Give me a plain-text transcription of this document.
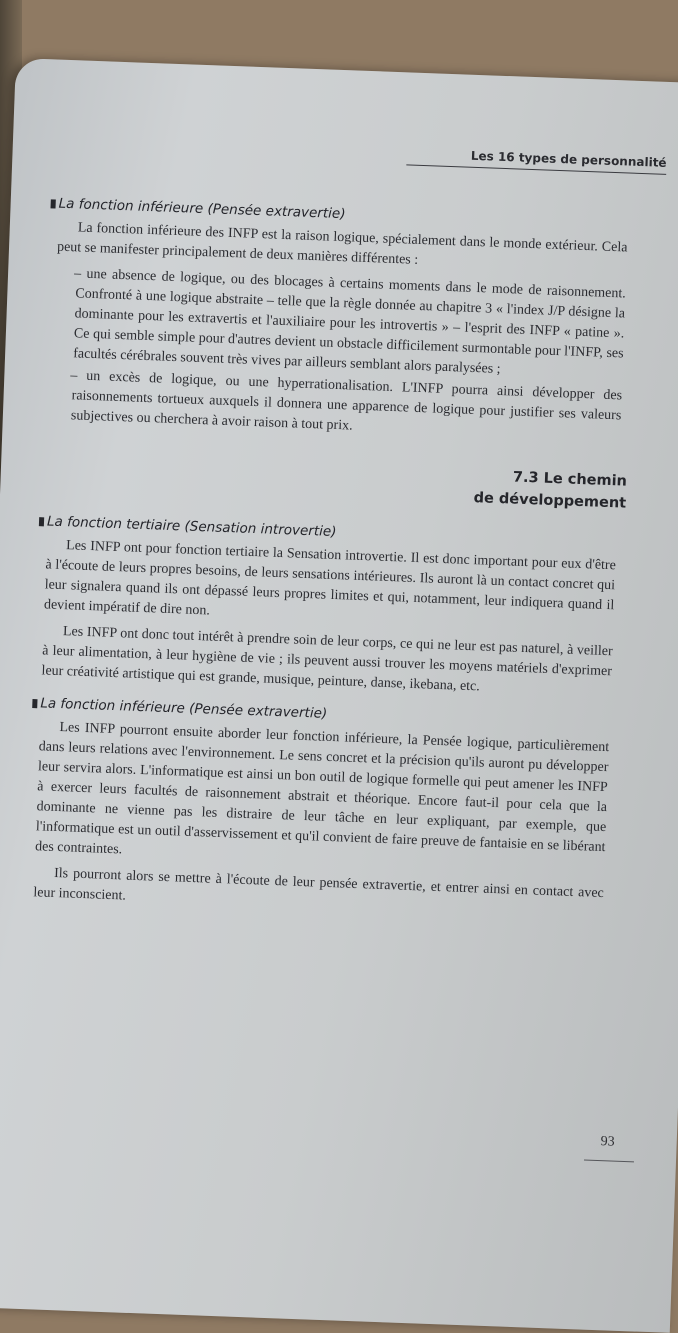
Les 16 types de personnalité
La fonction inférieure (Pensée extravertie)

La fonction inférieure des INFP est la raison logique, spécialement dans le monde extérieur. Cela peut se manifester principalement de deux manières différentes :

– une absence de logique, ou des blocages à certains moments dans le mode de raisonnement. Confronté à une logique abstraite – telle que la règle donnée au chapitre 3 « l'index J/P désigne la dominante pour les extravertis et l'auxiliaire pour les introvertis » – l'esprit des INFP « patine ». Ce qui semble simple pour d'autres devient un obstacle difficilement surmontable pour l'INFP, ses facultés cérébrales souvent très vives par ailleurs semblant alors paralysées ;

– un excès de logique, ou une hyperrationalisation. L'INFP pourra ainsi développer des raisonnements tortueux auxquels il donnera une apparence de logique pour justifier ses valeurs subjectives ou cherchera à avoir raison à tout prix.

7.3 Le chemin
de développement
La fonction tertiaire (Sensation introvertie)

Les INFP ont pour fonction tertiaire la Sensation introvertie. Il est donc important pour eux d'être à l'écoute de leurs propres besoins, de leurs sensations intérieures. Ils auront là un contact concret qui leur signalera quand ils ont dépassé leurs propres limites et qui, notamment, leur indiquera quand il devient impératif de dire non.

Les INFP ont donc tout intérêt à prendre soin de leur corps, ce qui ne leur est pas naturel, à veiller à leur alimentation, à leur hygiène de vie ; ils peuvent aussi trouver les moyens matériels d'exprimer leur créativité artistique qui est grande, musique, peinture, danse, ikebana, etc.

La fonction inférieure (Pensée extravertie)

Les INFP pourront ensuite aborder leur fonction inférieure, la Pensée logique, particulièrement dans leurs relations avec l'environnement. Le sens concret et la précision qu'ils auront pu développer leur servira alors. L'informatique est ainsi un bon outil de logique formelle qui peut amener les INFP à exercer leurs facultés de raisonnement abstrait et théorique. Encore faut-il pour cela que la dominante ne vienne pas les distraire de leur tâche en leur expliquant, par exemple, que l'informatique est un outil d'asservissement et qu'il convient de faire preuve de fantaisie en se libérant des contraintes.

Ils pourront alors se mettre à l'écoute de leur pensée extravertie, et entrer ainsi en contact avec leur inconscient.

93
